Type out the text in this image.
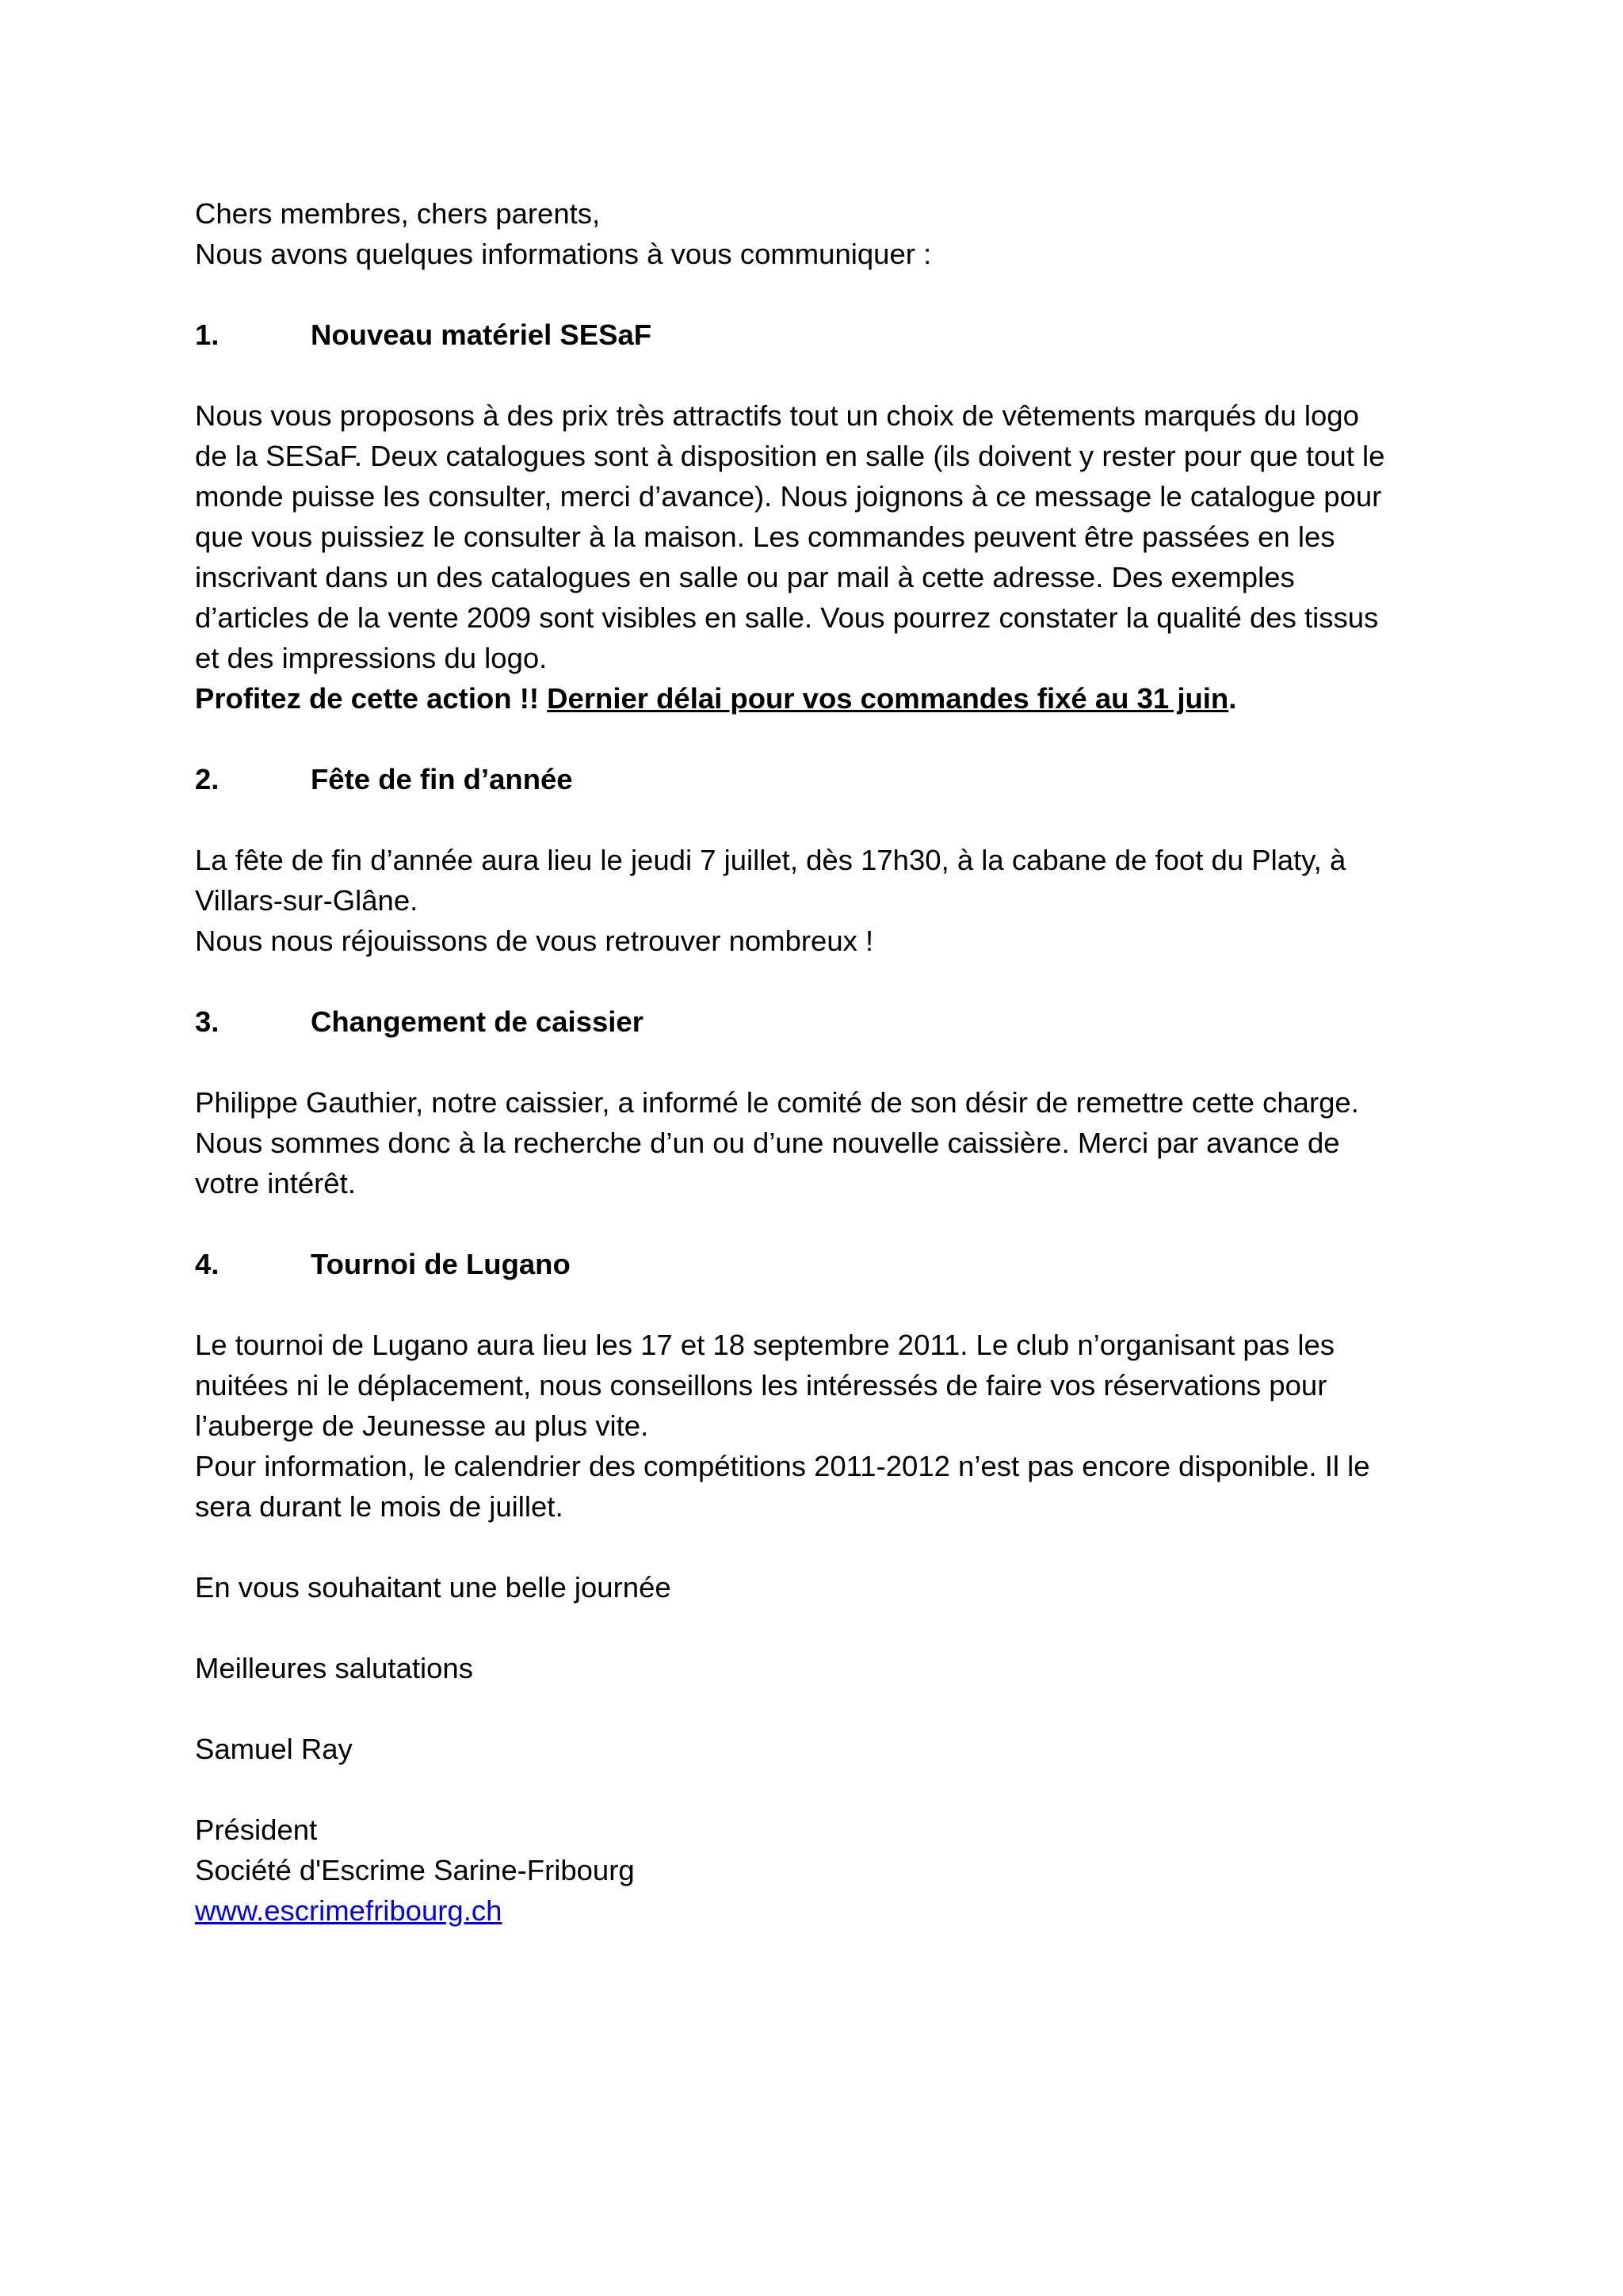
Chers membres, chers parents,

Nous avons quelques informations à vous communiquer :

1.	Nouveau matériel SESaF

Nous vous proposons à des prix très attractifs tout un choix de vêtements marqués du logo

de la SESaF. Deux catalogues sont à disposition en salle (ils doivent y rester pour que tout le

monde puisse les consulter, merci d’avance). Nous joignons à ce message le catalogue pour

que vous puissiez le consulter à la maison. Les commandes peuvent être passées en les

inscrivant dans un des catalogues en salle ou par mail à cette adresse. Des exemples

d’articles de la vente 2009 sont visibles en salle. Vous pourrez constater la qualité des tissus

et des impressions du logo.

Profitez de cette action !! Dernier délai pour vos commandes fixé au 31 juin.

2.	Fête de fin d’année

La fête de fin d’année aura lieu le jeudi 7 juillet, dès 17h30, à la cabane de foot du Platy, à

Villars-sur-Glâne.

Nous nous réjouissons de vous retrouver nombreux !

3.	Changement de caissier

Philippe Gauthier, notre caissier, a informé le comité de son désir de remettre cette charge.

Nous sommes donc à la recherche d’un ou d’une nouvelle caissière. Merci par avance de

votre intérêt.

4.	Tournoi de Lugano

Le tournoi de Lugano aura lieu les 17 et 18 septembre 2011. Le club n’organisant pas les

nuitées ni le déplacement, nous conseillons les intéressés de faire vos réservations pour

l’auberge de Jeunesse au plus vite.

Pour information, le calendrier des compétitions 2011-2012 n’est pas encore disponible. Il le

sera durant le mois de juillet.

En vous souhaitant une belle journée

Meilleures salutations

Samuel Ray

Président

Société d'Escrime Sarine-Fribourg

www.escrimefribourg.ch
